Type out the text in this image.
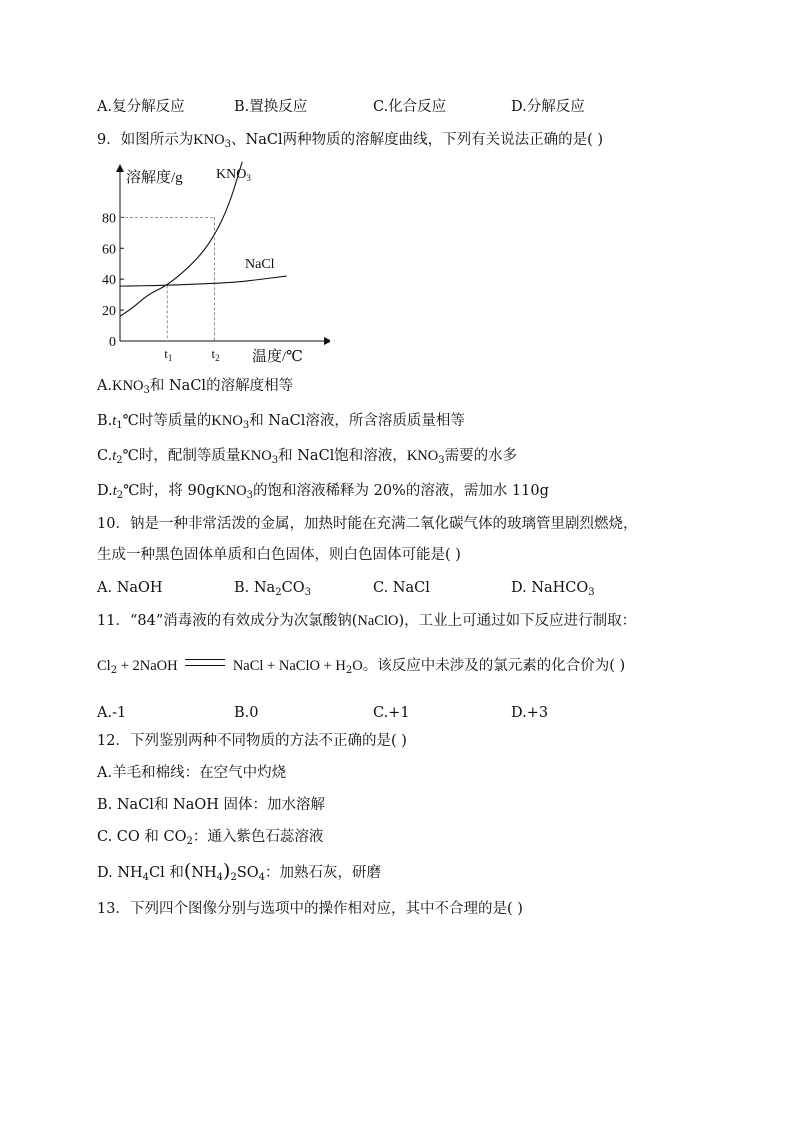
A.复分解反应	B.置换反应	C.化合反应	D.分解反应
9．如图所示为$KNO_3$、NaCl两种物质的溶解度曲线，下列有关说法正确的是( )
0
20
40
60
80
$t_1$	$t_2$
$KNO_3$
NaCl
溶解度/g
温度/℃
$A.KNO_3$和 NaCl的溶解度相等
$B.t_1℃$时等质量的$KNO_3$和 NaCl溶液，所含溶质质量相等
$C.t_2℃$时，配制等质量$KNO_3$和 NaCl饱和溶液，$KNO_3$需要的水多
$D.t_2℃$时，将 90gKNO$_3$的饱和溶液稀释为 20%的溶液，需加水 110g
10．钠是一种非常活泼的金属，加热时能在充满二氧化碳气体的玻璃管里剧烈燃烧，
生成一种黑色固体单质和白色固体，则白色固体可能是( )
A. NaOH	B. $Na_2CO_3$	C. NaCl	D. NaHCO$_3$
11．“84”消毒液的有效成分为次氯酸钠(NaClO)，工业上可通过如下反应进行制取：
$Cl_2$ + 2NaOH	NaCl + NaClO + $H_2O$。该反应中未涉及的氯元素的化合价为( )
A.-1	B.0	C.+1	D.+3
12．下列鉴别两种不同物质的方法不正确的是( )
A.羊毛和棉线：在空气中灼烧
B. NaCl和 NaOH 固体：加水溶解
C. CO 和 $CO_2$：通入紫色石蕊溶液
D. $NH_4Cl$ 和$(NH_4)_2SO_4$：加熟石灰，研磨
13．下列四个图像分别与选项中的操作相对应，其中不合理的是( )
